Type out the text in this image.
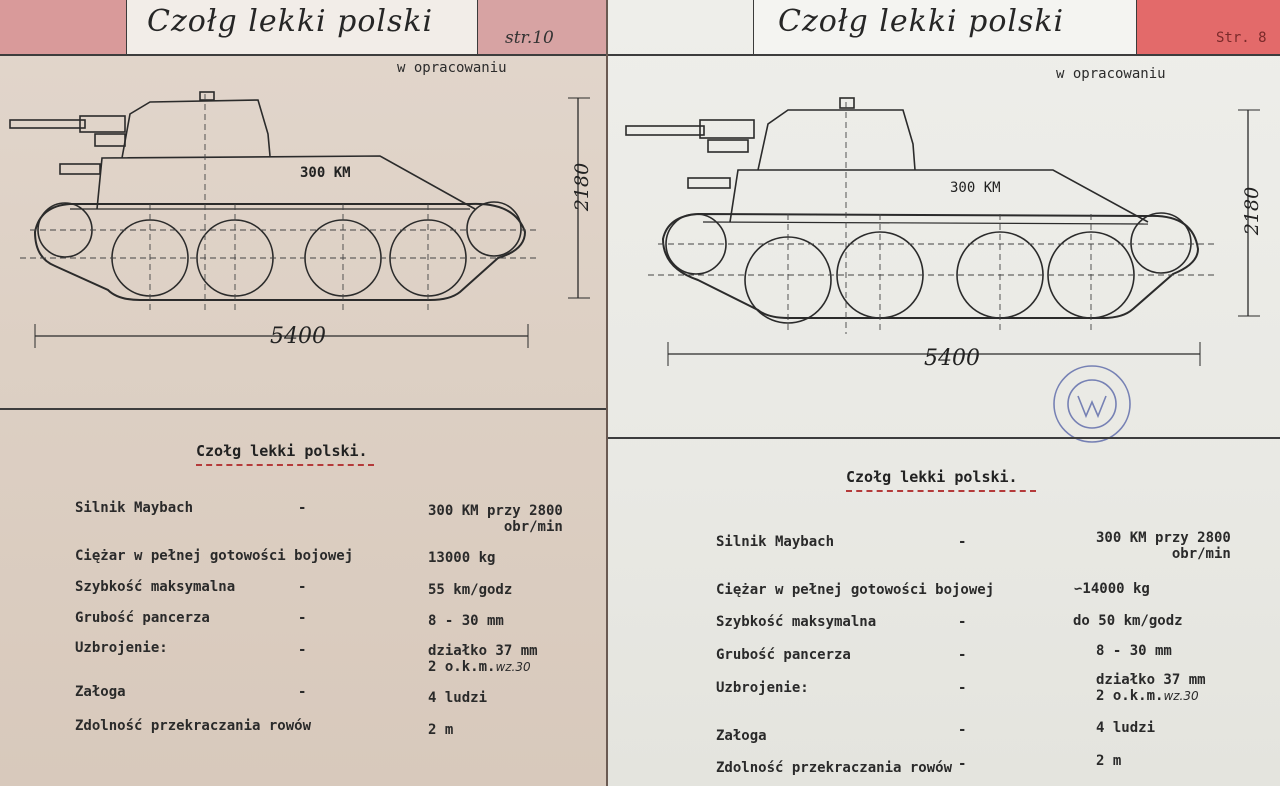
Czołg lekki polski	str.10
w opracowaniu
300 KM
5400
2180
Czołg lekki polski.
Silnik Maybach	-	300 KM przy 2800
obr/min
Ciężar w pełnej gotowości bojowej	13000 kg
Szybkość maksymalna	-	55 km/godz
Grubość pancerza	-	8 - 30 mm
Uzbrojenie:	-	działko 37 mm
2 o.k.m.wz.30
Załoga	-	4 ludzi
Zdolność przekraczania rowów	2 m
Czołg lekki polski	Str. 8
w opracowaniu
300 KM
5400
2180
Czołg lekki polski.
Silnik Maybach	-	300 KM przy 2800
obr/min
Ciężar w pełnej gotowości bojowej	∽14000 kg
Szybkość maksymalna	-	do 50 km/godz
Grubość pancerza	-	8 - 30 mm
Uzbrojenie:	-	działko 37 mm
2 o.k.m.wz.30
Załoga	-	4 ludzi
Zdolność przekraczania rowów -	2 m
